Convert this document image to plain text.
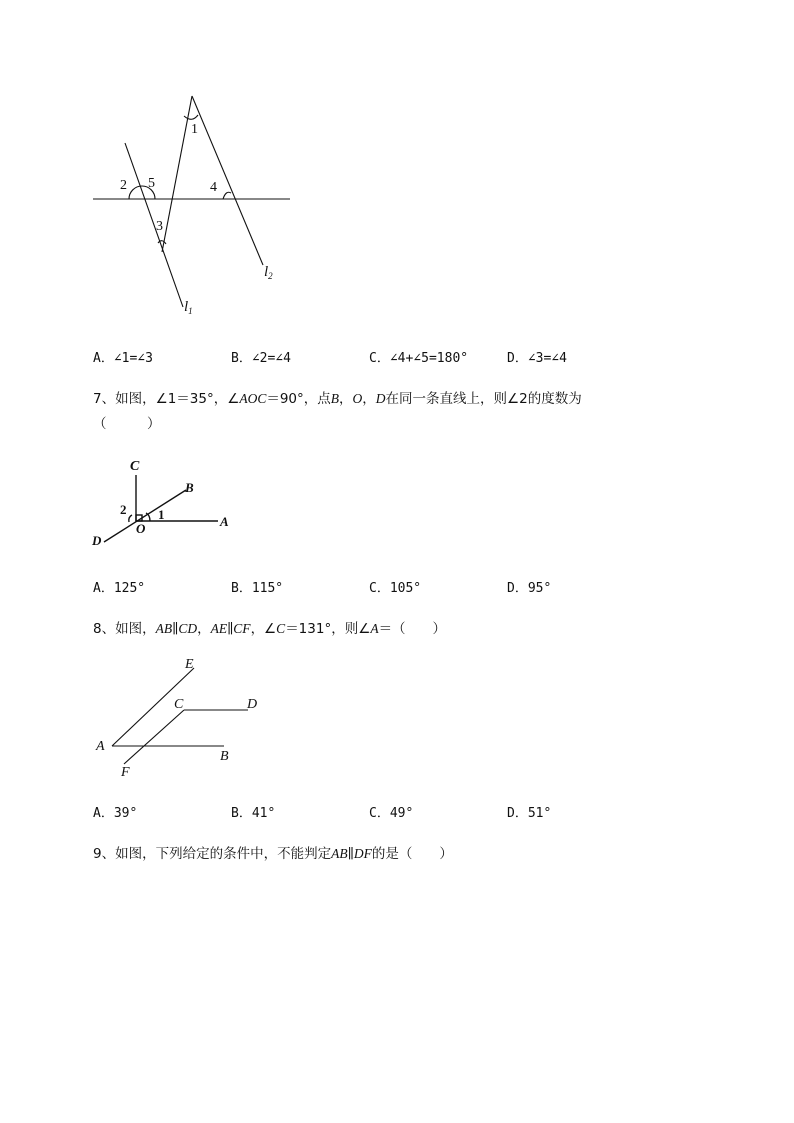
1
2
3
4
5
$l_1$
$l_2$
A．∠1=∠3	B．∠2=∠4	C．∠4+∠5=180°	D．∠3=∠4
7、如图，∠1＝35°，∠AOC＝90°，点B，O，D在同一条直线上，则∠2的度数为
（　　　）
C
B
A
D
O
1
2
A．125°	B．115°	C．105°	D．95°
8、如图，AB∥CD，AE∥CF，∠C＝131°，则∠A＝（　　）
E
C	D
A
B
F
A．39°	B．41°	C．49°	D．51°
9、如图，下列给定的条件中，不能判定AB∥DF的是（　　）
